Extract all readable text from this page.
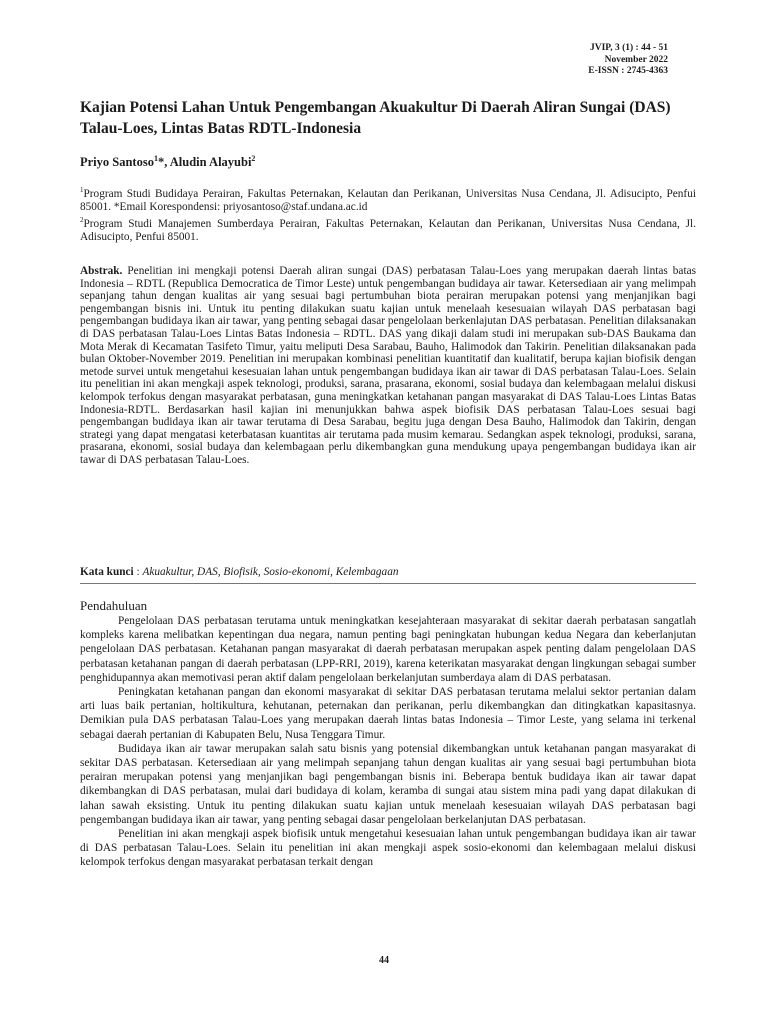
JVIP, 3 (1) : 44 - 51
November 2022
E-ISSN : 2745-4363
Kajian Potensi Lahan Untuk Pengembangan Akuakultur Di Daerah Aliran Sungai (DAS) Talau-Loes, Lintas Batas RDTL-Indonesia
Priyo Santoso$^1$*, Aludin Alayubi$^2$

$^1$Program Studi Budidaya Perairan, Fakultas Peternakan, Kelautan dan Perikanan, Universitas Nusa Cendana, Jl. Adisucipto, Penfui 85001. *Email Korespondensi: priyosantoso@staf.undana.ac.id

$^2$Program Studi Manajemen Sumberdaya Perairan, Fakultas Peternakan, Kelautan dan Perikanan, Universitas Nusa Cendana, Jl. Adisucipto, Penfui 85001.

Abstrak. Penelitian ini mengkaji potensi Daerah aliran sungai (DAS) perbatasan Talau-Loes yang merupakan daerah lintas batas Indonesia – RDTL (Republica Democratica de Timor Leste) untuk pengembangan budidaya air tawar. Ketersediaan air yang melimpah sepanjang tahun dengan kualitas air yang sesuai bagi pertumbuhan biota perairan merupakan potensi yang menjanjikan bagi pengembangan bisnis ini. Untuk itu penting dilakukan suatu kajian untuk menelaah kesesuaian wilayah DAS perbatasan bagi pengembangan budidaya ikan air tawar, yang penting sebagai dasar pengelolaan berkenlajutan DAS perbatasan. Penelitian dilaksanakan di DAS perbatasan Talau-Loes Lintas Batas Indonesia – RDTL. DAS yang dikaji dalam studi ini merupakan sub-DAS Baukama dan Mota Merak di Kecamatan Tasifeto Timur, yaitu meliputi Desa Sarabau, Bauho, Halimodok dan Takirin. Penelitian dilaksanakan pada bulan Oktober-November 2019. Penelitian ini merupakan kombinasi penelitian kuantitatif dan kualitatif, berupa kajian biofisik dengan metode survei untuk mengetahui kesesuaian lahan untuk pengembangan budidaya ikan air tawar di DAS perbatasan Talau-Loes. Selain itu penelitian ini akan mengkaji aspek teknologi, produksi, sarana, prasarana, ekonomi, sosial budaya dan kelembagaan melalui diskusi kelompok terfokus dengan masyarakat perbatasan, guna meningkatkan ketahanan pangan masyarakat di DAS Talau-Loes Lintas Batas Indonesia-RDTL. Berdasarkan hasil kajian ini menunjukkan bahwa aspek biofisik DAS perbatasan Talau-Loes sesuai bagi pengembangan budidaya ikan air tawar terutama di Desa Sarabau, begitu juga dengan Desa Bauho, Halimodok dan Takirin, dengan strategi yang dapat mengatasi keterbatasan kuantitas air terutama pada musim kemarau. Sedangkan aspek teknologi, produksi, sarana, prasarana, ekonomi, sosial budaya dan kelembagaan perlu dikembangkan guna mendukung upaya pengembangan budidaya ikan air tawar di DAS perbatasan Talau-Loes.

Kata kunci : Akuakultur, DAS, Biofisik, Sosio-ekonomi, Kelembagaan
Pendahuluan

Pengelolaan DAS perbatasan terutama untuk meningkatkan kesejahteraan masyarakat di sekitar daerah perbatasan sangatlah kompleks karena melibatkan kepentingan dua negara, namun penting bagi peningkatan hubungan kedua Negara dan keberlanjutan pengelolaan DAS perbatasan. Ketahanan pangan masyarakat di daerah perbatasan merupakan aspek penting dalam pengelolaan DAS perbatasan ketahanan pangan di daerah perbatasan (LPP-RRI, 2019), karena keterikatan masyarakat dengan lingkungan sebagai sumber penghidupannya akan memotivasi peran aktif dalam pengelolaan berkelanjutan sumberdaya alam di DAS perbatasan.

Peningkatan ketahanan pangan dan ekonomi masyarakat di sekitar DAS perbatasan terutama melalui sektor pertanian dalam arti luas baik pertanian, holtikultura, kehutanan, peternakan dan perikanan, perlu dikembangkan dan ditingkatkan kapasitasnya. Demikian pula DAS perbatasan Talau-Loes yang merupakan daerah lintas batas Indonesia – Timor Leste, yang selama ini terkenal sebagai daerah pertanian di Kabupaten Belu, Nusa Tenggara Timur.

Budidaya ikan air tawar merupakan salah satu bisnis yang potensial dikembangkan untuk ketahanan pangan masyarakat di sekitar DAS perbatasan. Ketersediaan air yang melimpah sepanjang tahun dengan kualitas air yang sesuai bagi pertumbuhan biota perairan merupakan potensi yang menjanjikan bagi pengembangan bisnis ini. Beberapa bentuk budidaya ikan air tawar dapat dikembangkan di DAS perbatasan, mulai dari budidaya di kolam, keramba di sungai atau sistem mina padi yang dapat dilakukan di lahan sawah eksisting. Untuk itu penting dilakukan suatu kajian untuk menelaah kesesuaian wilayah DAS perbatasan bagi pengembangan budidaya ikan air tawar, yang penting sebagai dasar pengelolaan berkelanjutan DAS perbatasan.

Penelitian ini akan mengkaji aspek biofisik untuk mengetahui kesesuaian lahan untuk pengembangan budidaya ikan air tawar di DAS perbatasan Talau-Loes. Selain itu penelitian ini akan mengkaji aspek sosio-ekonomi dan kelembagaan melalui diskusi kelompok terfokus dengan masyarakat perbatasan terkait dengan

44
